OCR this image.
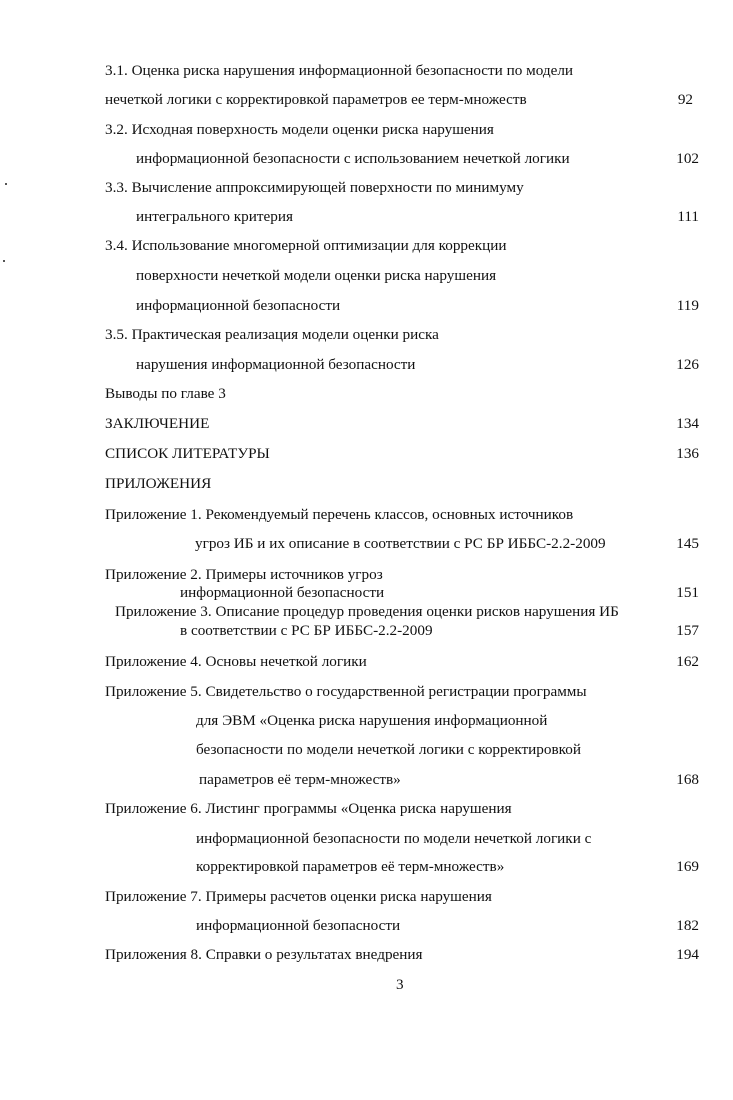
3.1. Оценка риска нарушения информационной безопасности по модели
нечеткой логики с корректировкой параметров ее терм-множеств	92
3.2. Исходная поверхность модели оценки риска нарушения
информационной безопасности с использованием нечеткой логики	102
3.3. Вычисление аппроксимирующей поверхности по минимуму
интегрального критерия	111
3.4. Использование многомерной оптимизации для коррекции
поверхности нечеткой модели оценки риска нарушения
информационной безопасности	119
3.5. Практическая реализация модели оценки риска
нарушения информационной безопасности	126
Выводы по главе 3
ЗАКЛЮЧЕНИЕ	134
СПИСОК ЛИТЕРАТУРЫ	136
ПРИЛОЖЕНИЯ
Приложение 1. Рекомендуемый перечень классов, основных источников
угроз ИБ и их описание в соответствии с РС БР ИББС-2.2-2009	145
Приложение 2. Примеры источников угроз
информационной безопасности	151
Приложение 3. Описание процедур проведения оценки рисков нарушения ИБ
в соответствии с РС БР ИББС-2.2-2009	157
Приложение 4. Основы нечеткой логики	162
Приложение 5. Свидетельство о государственной регистрации программы
для ЭВМ «Оценка риска нарушения информационной
безопасности по модели нечеткой логики с корректировкой
параметров её терм-множеств»	168
Приложение 6. Листинг программы «Оценка риска нарушения
информационной безопасности по модели нечеткой логики с
корректировкой параметров её терм-множеств»	169
Приложение 7. Примеры расчетов оценки риска нарушения
информационной безопасности	182
Приложения 8. Справки о результатах внедрения	194
3
